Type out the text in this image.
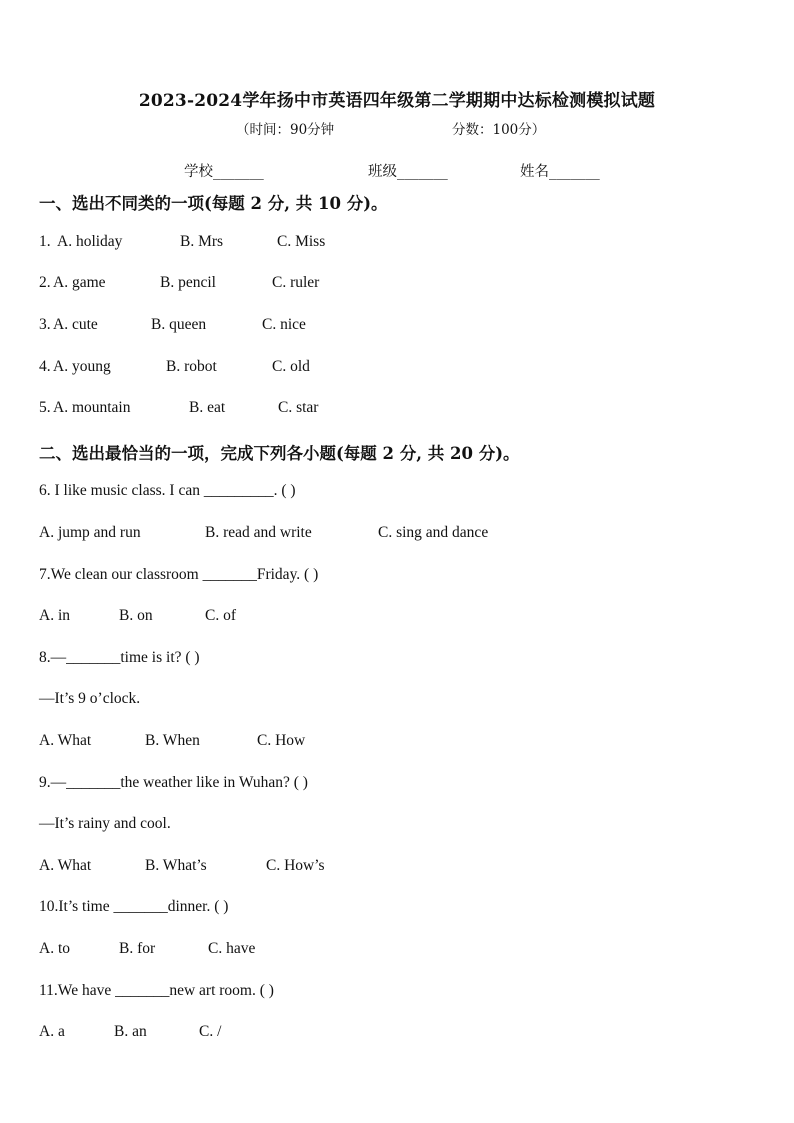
2023-2024学年扬中市英语四年级第二学期期中达标检测模拟试题
（时间：90分钟	分数：100分）
学校_______	班级_______	姓名_______
一、选出不同类的一项(每题 2 分, 共 10 分)。
1. A. holiday	B. Mrs	C. Miss
2. A. game	B. pencil	C. ruler
3. A. cute	B. queen	C. nice
4. A. young	B. robot	C. old
5. A. mountain	B. eat	C. star
二、选出最恰当的一项，完成下列各小题(每题 2 分, 共 20 分)。
6. I like music class. I can _________. ( )
A. jump and run	B. read and write	C. sing and dance
7.We clean our classroom _______Friday. ( )
A. in	B. on	C. of
8.—_______time is it? ( )
—It’s 9 o’clock.
A. What	B. When	C. How
9.—_______the weather like in Wuhan? ( )
—It’s rainy and cool.
A. What	B. What’s	C. How’s
10.It’s time _______dinner. ( )
A. to	B. for	C. have
11.We have _______new art room. ( )
A. a	B. an	C. /
